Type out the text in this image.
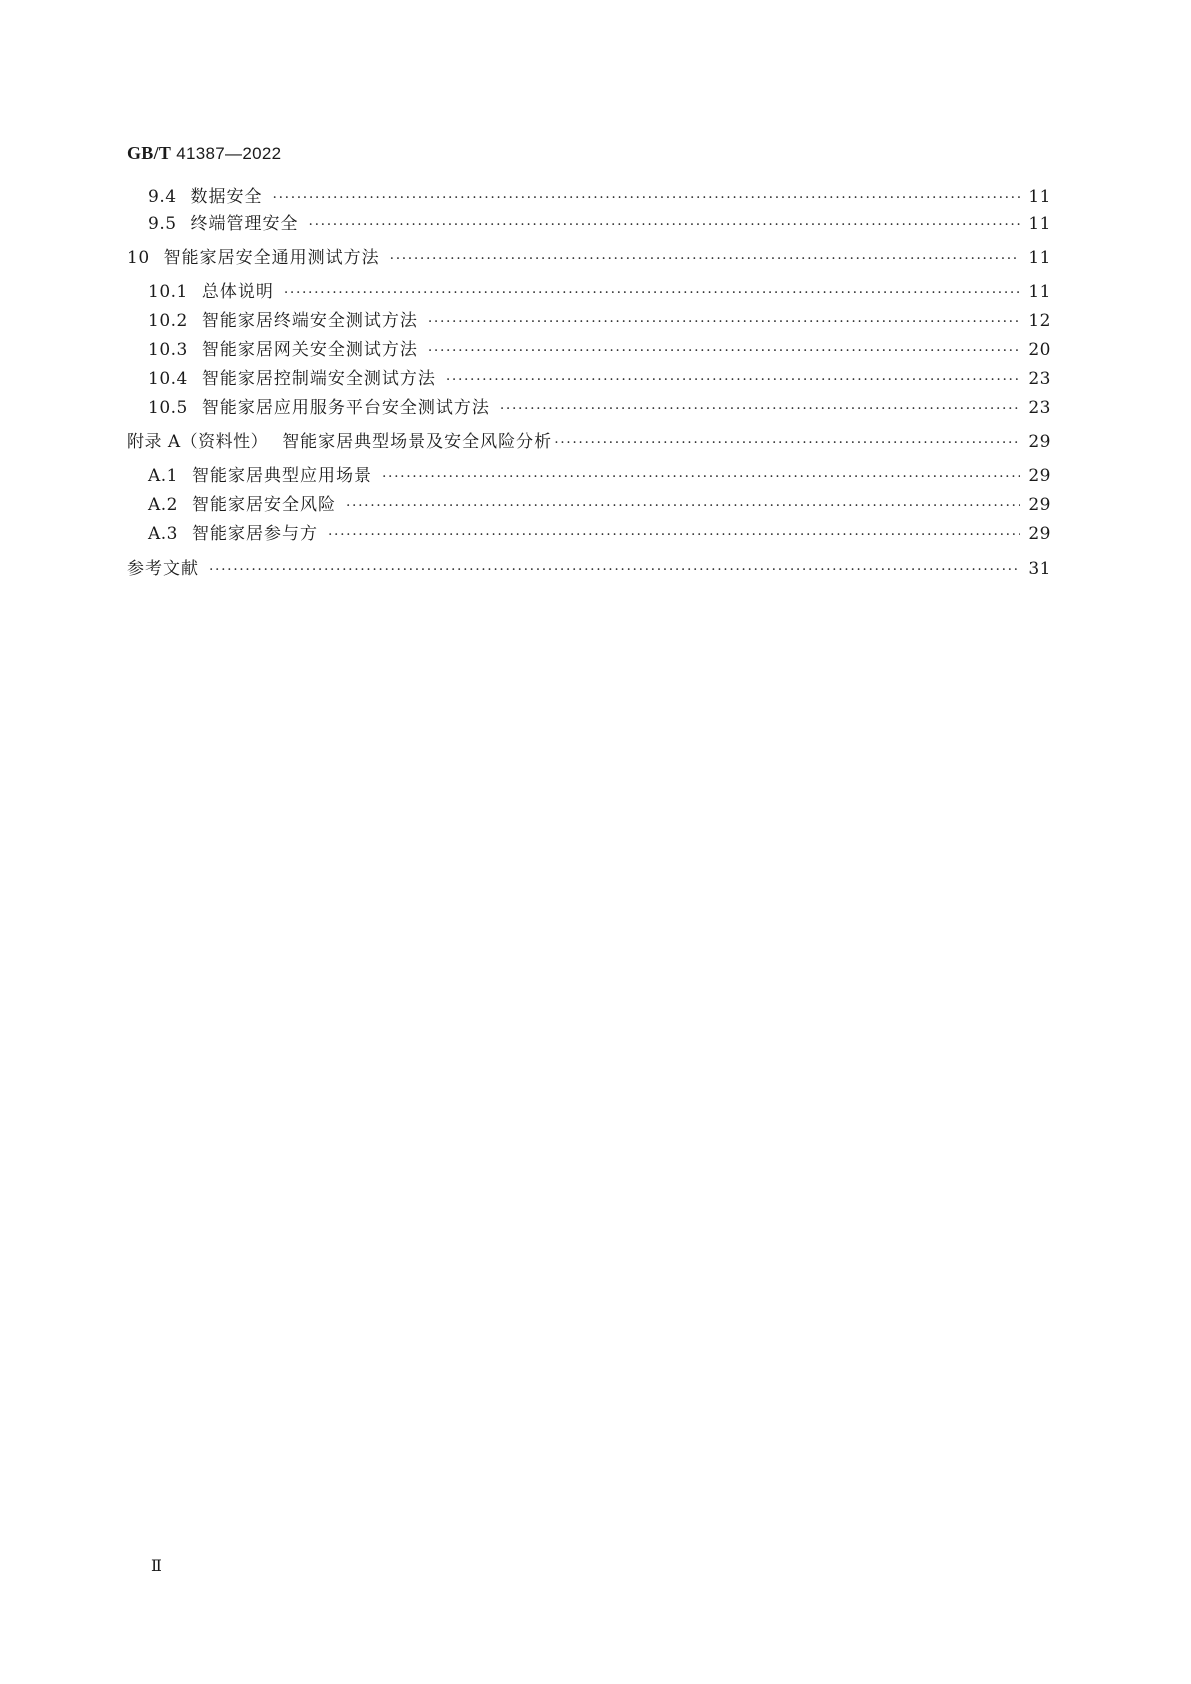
GB/T 41387—2022
9.4 数据安全 ·····	11
9.5 终端管理安全 ·····	11
10 智能家居安全通用测试方法 ·····	11
10.1 总体说明 ·····	11
10.2 智能家居终端安全测试方法 ·····	12
10.3 智能家居网关安全测试方法 ·····	20
10.4 智能家居控制端安全测试方法 ·····	23
10.5 智能家居应用服务平台安全测试方法 ·····	23
附录 A（资料性） 智能家居典型场景及安全风险分析 ·····	29
A.1 智能家居典型应用场景 ·····	29
A.2 智能家居安全风险 ·····	29
A.3 智能家居参与方 ·····	29
参考文献 ·····	31
Ⅱ
